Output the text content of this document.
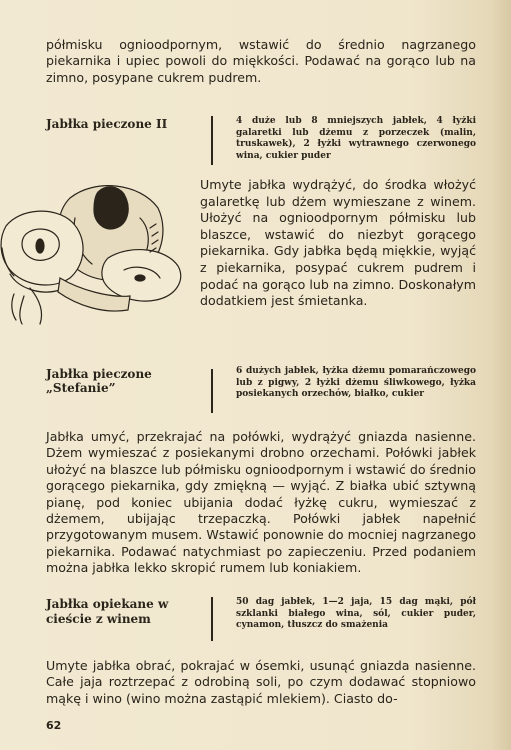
półmisku ognioodpornym, wstawić do średnio nagrzanego piekarnika i upiec powoli do miękkości. Podawać na gorąco lub na zimno, posypane cukrem pudrem.

Jabłka pieczone II	4 duże lub 8 mniejszych jabłek, 4 łyżki galaretki lub dżemu z porzeczek (malin, truskawek), 2 łyżki wytrawnego czerwonego wina, cukier puder

Umyte jabłka wydrążyć, do środka włożyć galaretkę lub dżem wymieszane z winem. Ułożyć na ognioodpornym półmisku lub blaszce, wstawić do niezbyt gorącego piekarnika. Gdy jabłka będą miękkie, wyjąć z piekarnika, posypać cukrem pudrem i podać na gorąco lub na zimno. Doskonałym dodatkiem jest śmietanka.

Jabłka pieczone „Stefanie”

6 dużych jabłek, łyżka dżemu pomarańczowego lub z pigwy, 2 łyżki dżemu śliwkowego, łyżka posiekanych orzechów, białko, cukier

Jabłka umyć, przekrajać na połówki, wydrążyć gniazda nasienne. Dżem wymieszać z posiekanymi drobno orzechami. Połówki jabłek ułożyć na blaszce lub półmisku ognioodpornym i wstawić do średnio gorącego piekarnika, gdy zmiękną — wyjąć. Z białka ubić sztywną pianę, pod koniec ubijania dodać łyżkę cukru, wymieszać z dżemem, ubijając trzepaczką. Połówki jabłek napełnić przygotowanym musem. Wstawić ponownie do mocniej nagrzanego piekarnika. Podawać natychmiast po zapieczeniu. Przed podaniem można jabłka lekko skropić rumem lub koniakiem.

Jabłka opiekane w cieście z winem

50 dag jabłek, 1—2 jaja, 15 dag mąki, pół szklanki białego wina, sól, cukier puder, cynamon, tłuszcz do smażenia

Umyte jabłka obrać, pokrajać w ósemki, usunąć gniazda nasienne. Całe jaja roztrzepać z odrobiną soli, po czym dodawać stopniowo mąkę i wino (wino można zastąpić mlekiem). Ciasto do-

62
